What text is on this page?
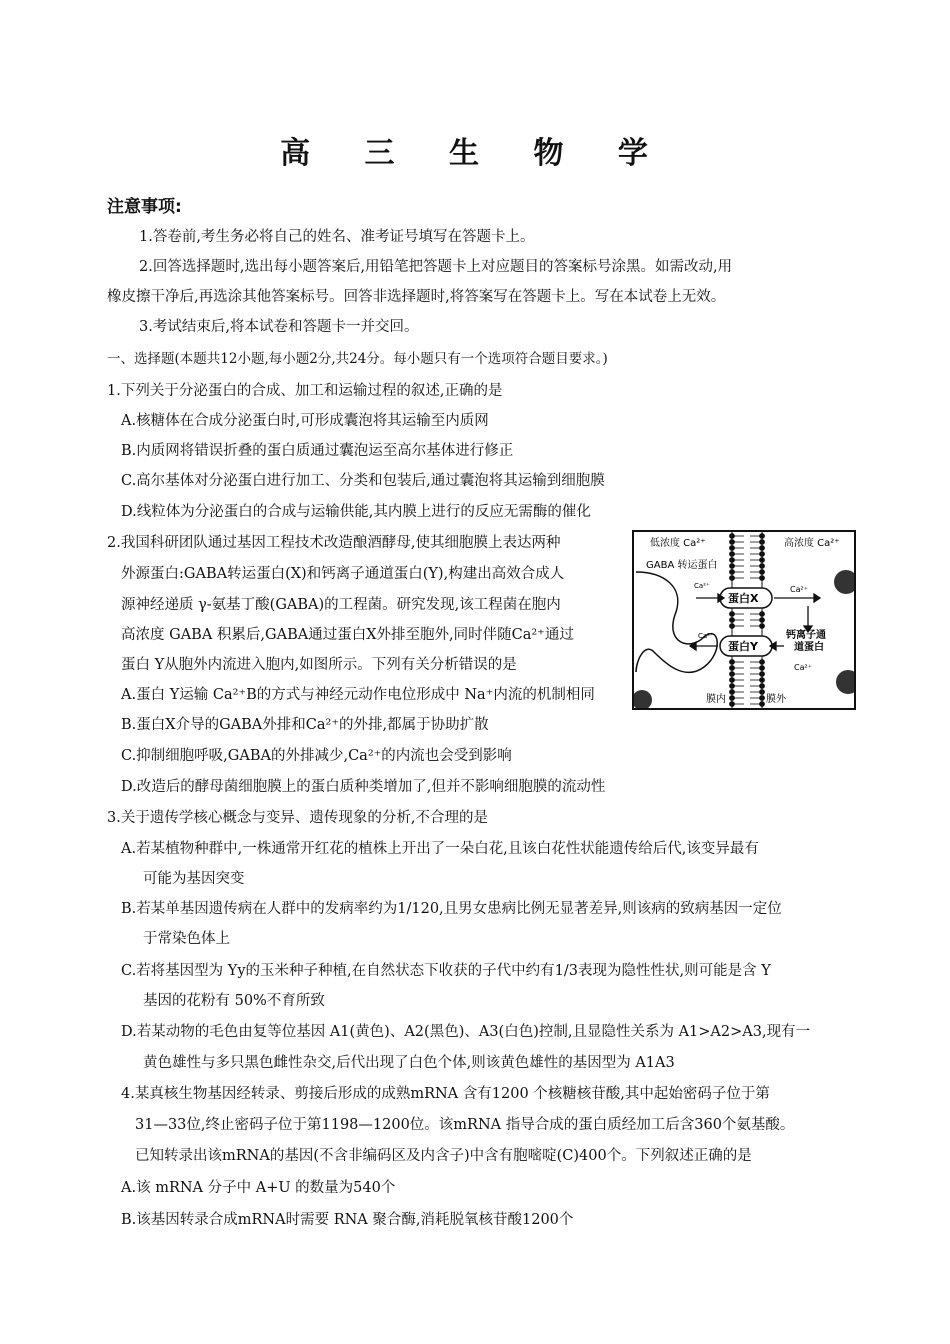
高 三 生 物 学
注意事项:
1.答卷前,考生务必将自己的姓名、准考证号填写在答题卡上。
2.回答选择题时,选出每小题答案后,用铅笔把答题卡上对应题目的答案标号涂黑。如需改动,用
橡皮擦干净后,再选涂其他答案标号。回答非选择题时,将答案写在答题卡上。写在本试卷上无效。
3.考试结束后,将本试卷和答题卡一并交回。
一、选择题(本题共12小题,每小题2分,共24分。每小题只有一个选项符合题目要求。)
1.下列关于分泌蛋白的合成、加工和运输过程的叙述,正确的是
A.核糖体在合成分泌蛋白时,可形成囊泡将其运输至内质网
B.内质网将错误折叠的蛋白质通过囊泡运至高尔基体进行修正
C.高尔基体对分泌蛋白进行加工、分类和包装后,通过囊泡将其运输到细胞膜
D.线粒体为分泌蛋白的合成与运输供能,其内膜上进行的反应无需酶的催化
2.我国科研团队通过基因工程技术改造酿酒酵母,使其细胞膜上表达两种
外源蛋白:GABA转运蛋白(X)和钙离子通道蛋白(Y),构建出高效合成人
源神经递质 γ-氨基丁酸(GABA)的工程菌。研究发现,该工程菌在胞内
高浓度 GABA 积累后,GABA通过蛋白X外排至胞外,同时伴随Ca²⁺通过
蛋白 Y从胞外内流进入胞内,如图所示。下列有关分析错误的是
A.蛋白 Y运输 Ca²⁺B的方式与神经元动作电位形成中 Na⁺内流的机制相同
B.蛋白X介导的GABA外排和Ca²⁺的外排,都属于协助扩散
C.抑制细胞呼吸,GABA的外排减少,Ca²⁺的内流也会受到影响
D.改造后的酵母菌细胞膜上的蛋白质种类增加了,但并不影响细胞膜的流动性
低浓度 Ca²⁺	高浓度 Ca²⁺
GABA 转运蛋白
蛋白X
蛋白Y
钙离子通
道蛋白
Ca²⁺	Ca²⁺
Ca²⁺
Ca²⁺
膜内	膜外
3.关于遗传学核心概念与变异、遗传现象的分析,不合理的是
A.若某植物种群中,一株通常开红花的植株上开出了一朵白花,且该白花性状能遗传给后代,该变异最有
可能为基因突变
B.若某单基因遗传病在人群中的发病率约为1/120,且男女患病比例无显著差异,则该病的致病基因一定位
于常染色体上
C.若将基因型为 Yy的玉米种子种植,在自然状态下收获的子代中约有1/3表现为隐性性状,则可能是含 Y
基因的花粉有 50%不育所致
D.若某动物的毛色由复等位基因 A1(黄色)、A2(黑色)、A3(白色)控制,且显隐性关系为 A1>A2>A3,现有一
黄色雄性与多只黑色雌性杂交,后代出现了白色个体,则该黄色雄性的基因型为 A1A3
4.某真核生物基因经转录、剪接后形成的成熟mRNA 含有1200 个核糖核苷酸,其中起始密码子位于第
31—33位,终止密码子位于第1198—1200位。该mRNA 指导合成的蛋白质经加工后含360个氨基酸。
已知转录出该mRNA的基因(不含非编码区及内含子)中含有胞嘧啶(C)400个。下列叙述正确的是
A.该 mRNA 分子中 A+U 的数量为540个
B.该基因转录合成mRNA时需要 RNA 聚合酶,消耗脱氧核苷酸1200个
